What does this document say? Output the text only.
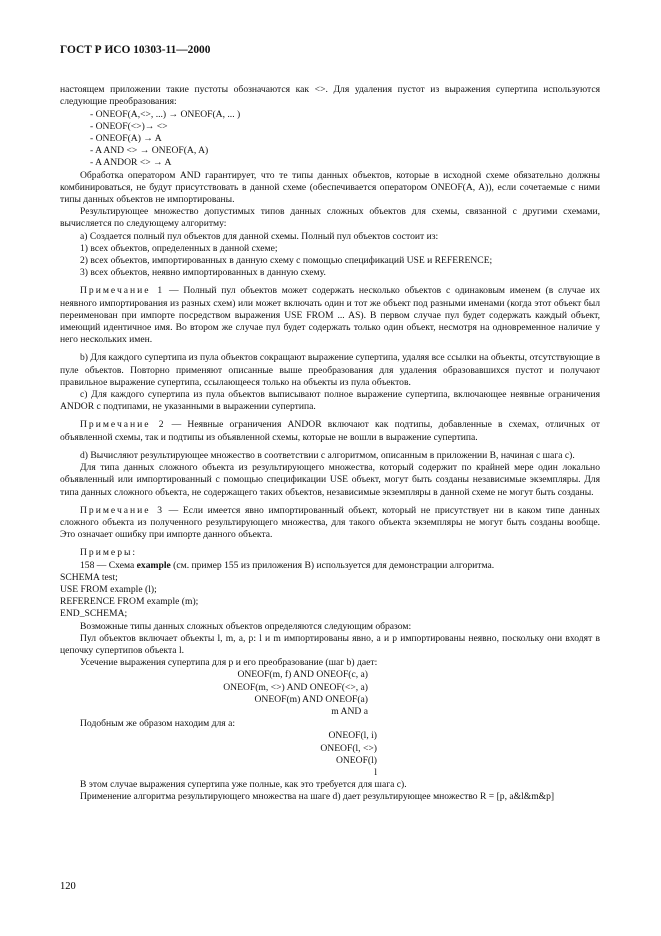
ГОСТ Р ИСО 10303-11—2000

настоящем приложении такие пустоты обозначаются как <>. Для удаления пустот из выражения супертипа используются следующие преобразования:

- ONEOF(A,<>, ...) → ONEOF(A, ... )

- ONEOF(<>)→ <>

- ONEOF(A) → A

- A AND <> → ONEOF(A, A)

- A ANDOR <> → A

Обработка оператором AND гарантирует, что те типы данных объектов, которые в исходной схеме обязательно должны комбинироваться, не будут присутствовать в данной схеме (обеспечивается оператором ONEOF(A, A)), если сочетаемые с ними типы данных объектов не импортированы.

Результирующее множество допустимых типов данных сложных объектов для схемы, связанной с другими схемами, вычисляется по следующему алгоритму:

а) Создается полный пул объектов для данной схемы. Полный пул объектов состоит из:

1) всех объектов, определенных в данной схеме;

2) всех объектов, импортированных в данную схему с помощью спецификаций USE и REFERENCE;

3) всех объектов, неявно импортированных в данную схему.

Примечание 1 — Полный пул объектов может содержать несколько объектов с одинаковым именем (в случае их неявного импортирования из разных схем) или может включать один и тот же объект под разными именами (когда этот объект был переименован при импорте посредством выражения USE FROM ... AS). В первом случае пул будет содержать каждый объект, имеющий идентичное имя. Во втором же случае пул будет содержать только один объект, несмотря на одновременное наличие у него нескольких имен.

b) Для каждого супертипа из пула объектов сокращают выражение супертипа, удаляя все ссылки на объекты, отсутствующие в пуле объектов. Повторно применяют описанные выше преобразования для удаления образовавшихся пустот и получают правильное выражение супертипа, ссылающееся только на объекты из пула объектов.

c) Для каждого супертипа из пула объектов выписывают полное выражение супертипа, включающее неявные ограничения ANDOR с подтипами, не указанными в выражении супертипа.

Примечание 2 — Неявные ограничения ANDOR включают как подтипы, добавленные в схемах, отличных от объявленной схемы, так и подтипы из объявленной схемы, которые не вошли в выражение супертипа.

d) Вычисляют результирующее множество в соответствии с алгоритмом, описанным в приложении В, начиная с шага c).

Для типа данных сложного объекта из результирующего множества, который содержит по крайней мере один локально объявленный или импортированный с помощью спецификации USE объект, могут быть созданы независимые экземпляры. Для типа данных сложного объекта, не содержащего таких объектов, независимые экземпляры в данной схеме не могут быть созданы.

Примечание 3 — Если имеется явно импортированный объект, который не присутствует ни в каком типе данных сложного объекта из полученного результирующего множества, для такого объекта экземпляры не могут быть созданы вообще. Это означает ошибку при импорте данного объекта.

Примеры:

158 — Схема example (см. пример 155 из приложения В) используется для демонстрации алгоритма.

SCHEMA test;
USE FROM example (l);
REFERENCE FROM example (m);
END_SCHEMA;

Возможные типы данных сложных объектов определяются следующим образом:

Пул объектов включает объекты l, m, a, p: l и m импортированы явно, a и p импортированы неявно, поскольку они входят в цепочку супертипов объекта l.

Усечение выражения супертипа для p и его преобразование (шаг b) дает:

ONEOF(m, f) AND ONEOF(c, a)
ONEOF(m, <>) AND ONEOF(<>, a)
ONEOF(m) AND ONEOF(a)
m AND a

Подобным же образом находим для a:

ONEOF(l, i)
ONEOF(l, <>)
ONEOF(l)
l

В этом случае выражения супертипа уже полные, как это требуется для шага c).

Применение алгоритма результирующего множества на шаге d) дает результирующее множество R = [p, a&l&m&p]

120
